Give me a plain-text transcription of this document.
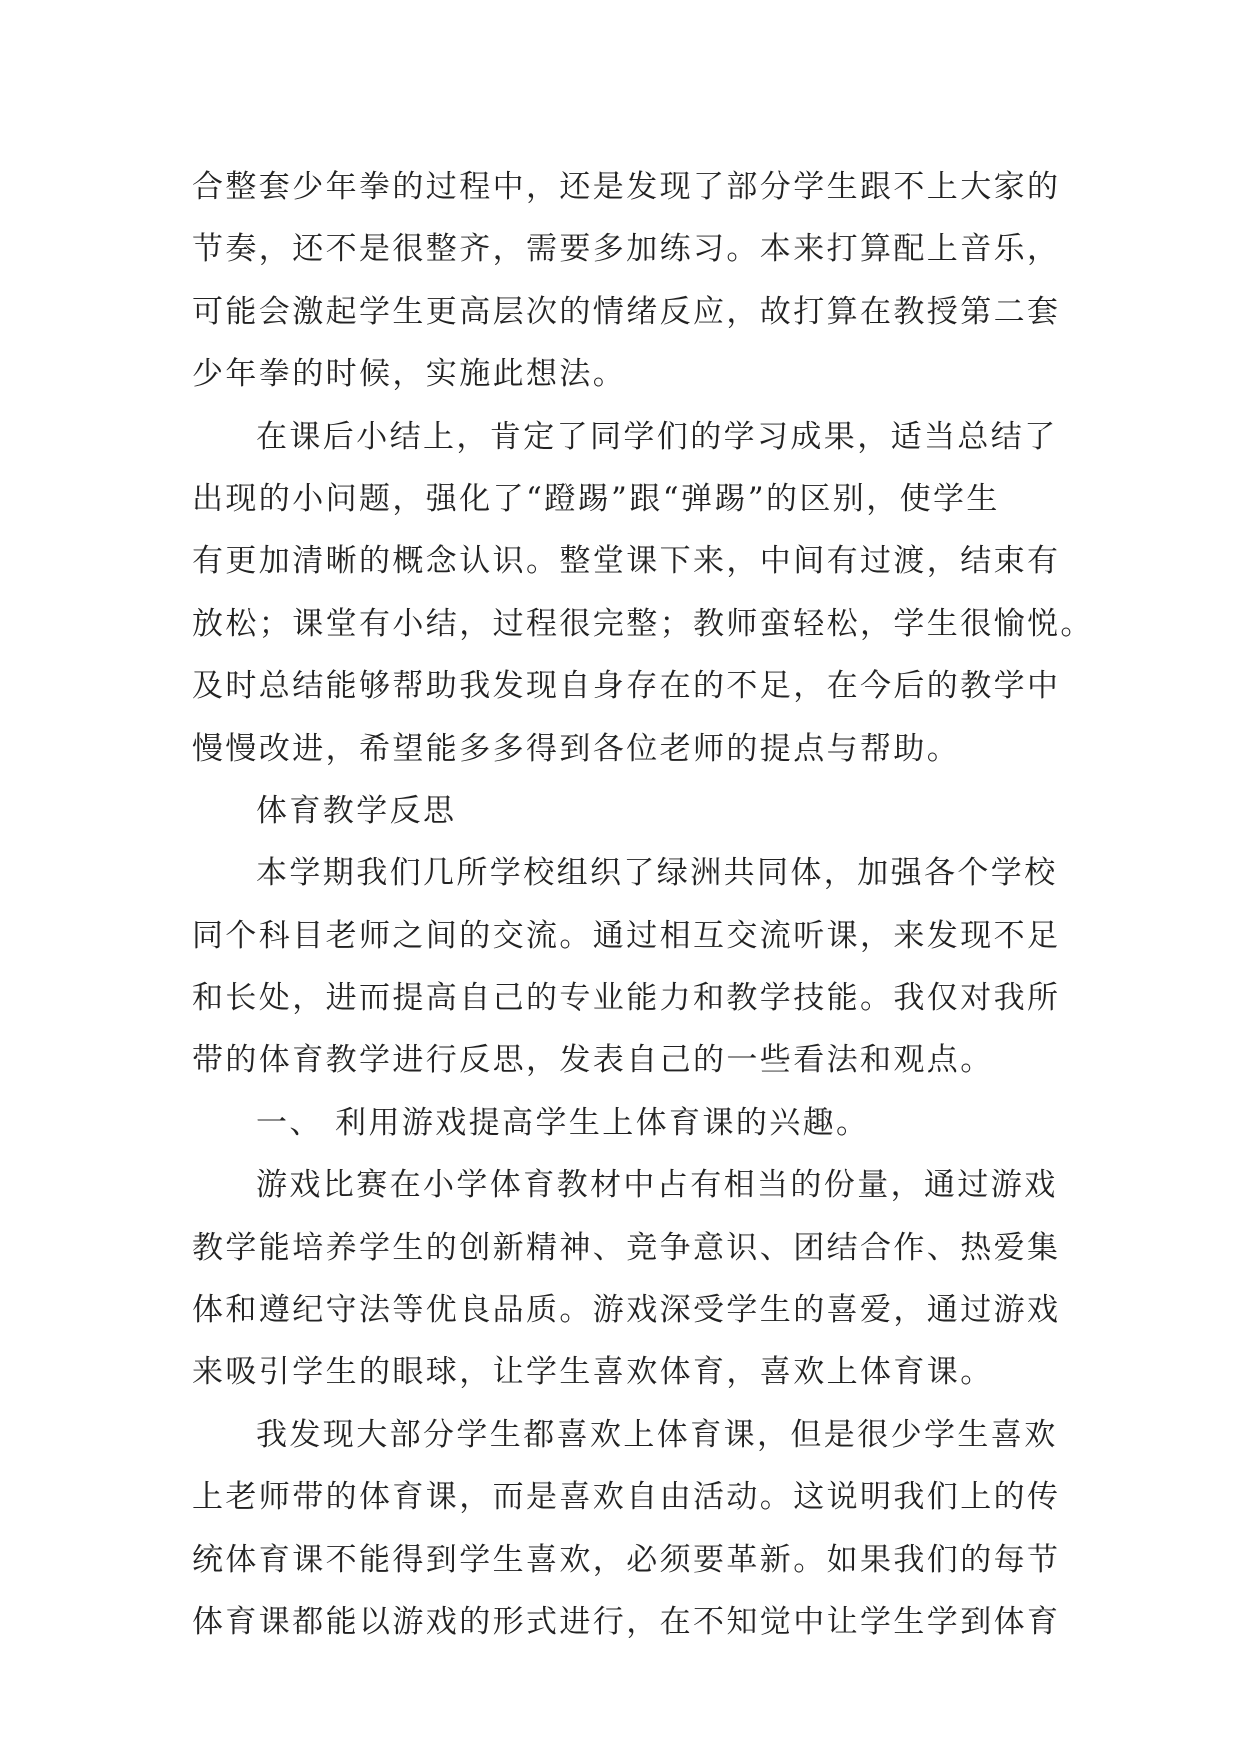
合整套少年拳的过程中，还是发现了部分学生跟不上大家的
节奏，还不是很整齐，需要多加练习。本来打算配上音乐，
可能会激起学生更高层次的情绪反应，故打算在教授第二套
少年拳的时候，实施此想法。
在课后小结上，肯定了同学们的学习成果，适当总结了
出现的小问题，强化了“蹬踢”跟“弹踢”的区别，使学生
有更加清晰的概念认识。整堂课下来，中间有过渡，结束有
放松；课堂有小结，过程很完整；教师蛮轻松，学生很愉悦。
及时总结能够帮助我发现自身存在的不足，在今后的教学中
慢慢改进，希望能多多得到各位老师的提点与帮助。
体育教学反思
本学期我们几所学校组织了绿洲共同体，加强各个学校
同个科目老师之间的交流。通过相互交流听课，来发现不足
和长处，进而提高自己的专业能力和教学技能。我仅对我所
带的体育教学进行反思，发表自己的一些看法和观点。
一、 利用游戏提高学生上体育课的兴趣。
游戏比赛在小学体育教材中占有相当的份量，通过游戏
教学能培养学生的创新精神、竞争意识、团结合作、热爱集
体和遵纪守法等优良品质。游戏深受学生的喜爱，通过游戏
来吸引学生的眼球，让学生喜欢体育，喜欢上体育课。
我发现大部分学生都喜欢上体育课，但是很少学生喜欢
上老师带的体育课，而是喜欢自由活动。这说明我们上的传
统体育课不能得到学生喜欢，必须要革新。如果我们的每节
体育课都能以游戏的形式进行，在不知觉中让学生学到体育
